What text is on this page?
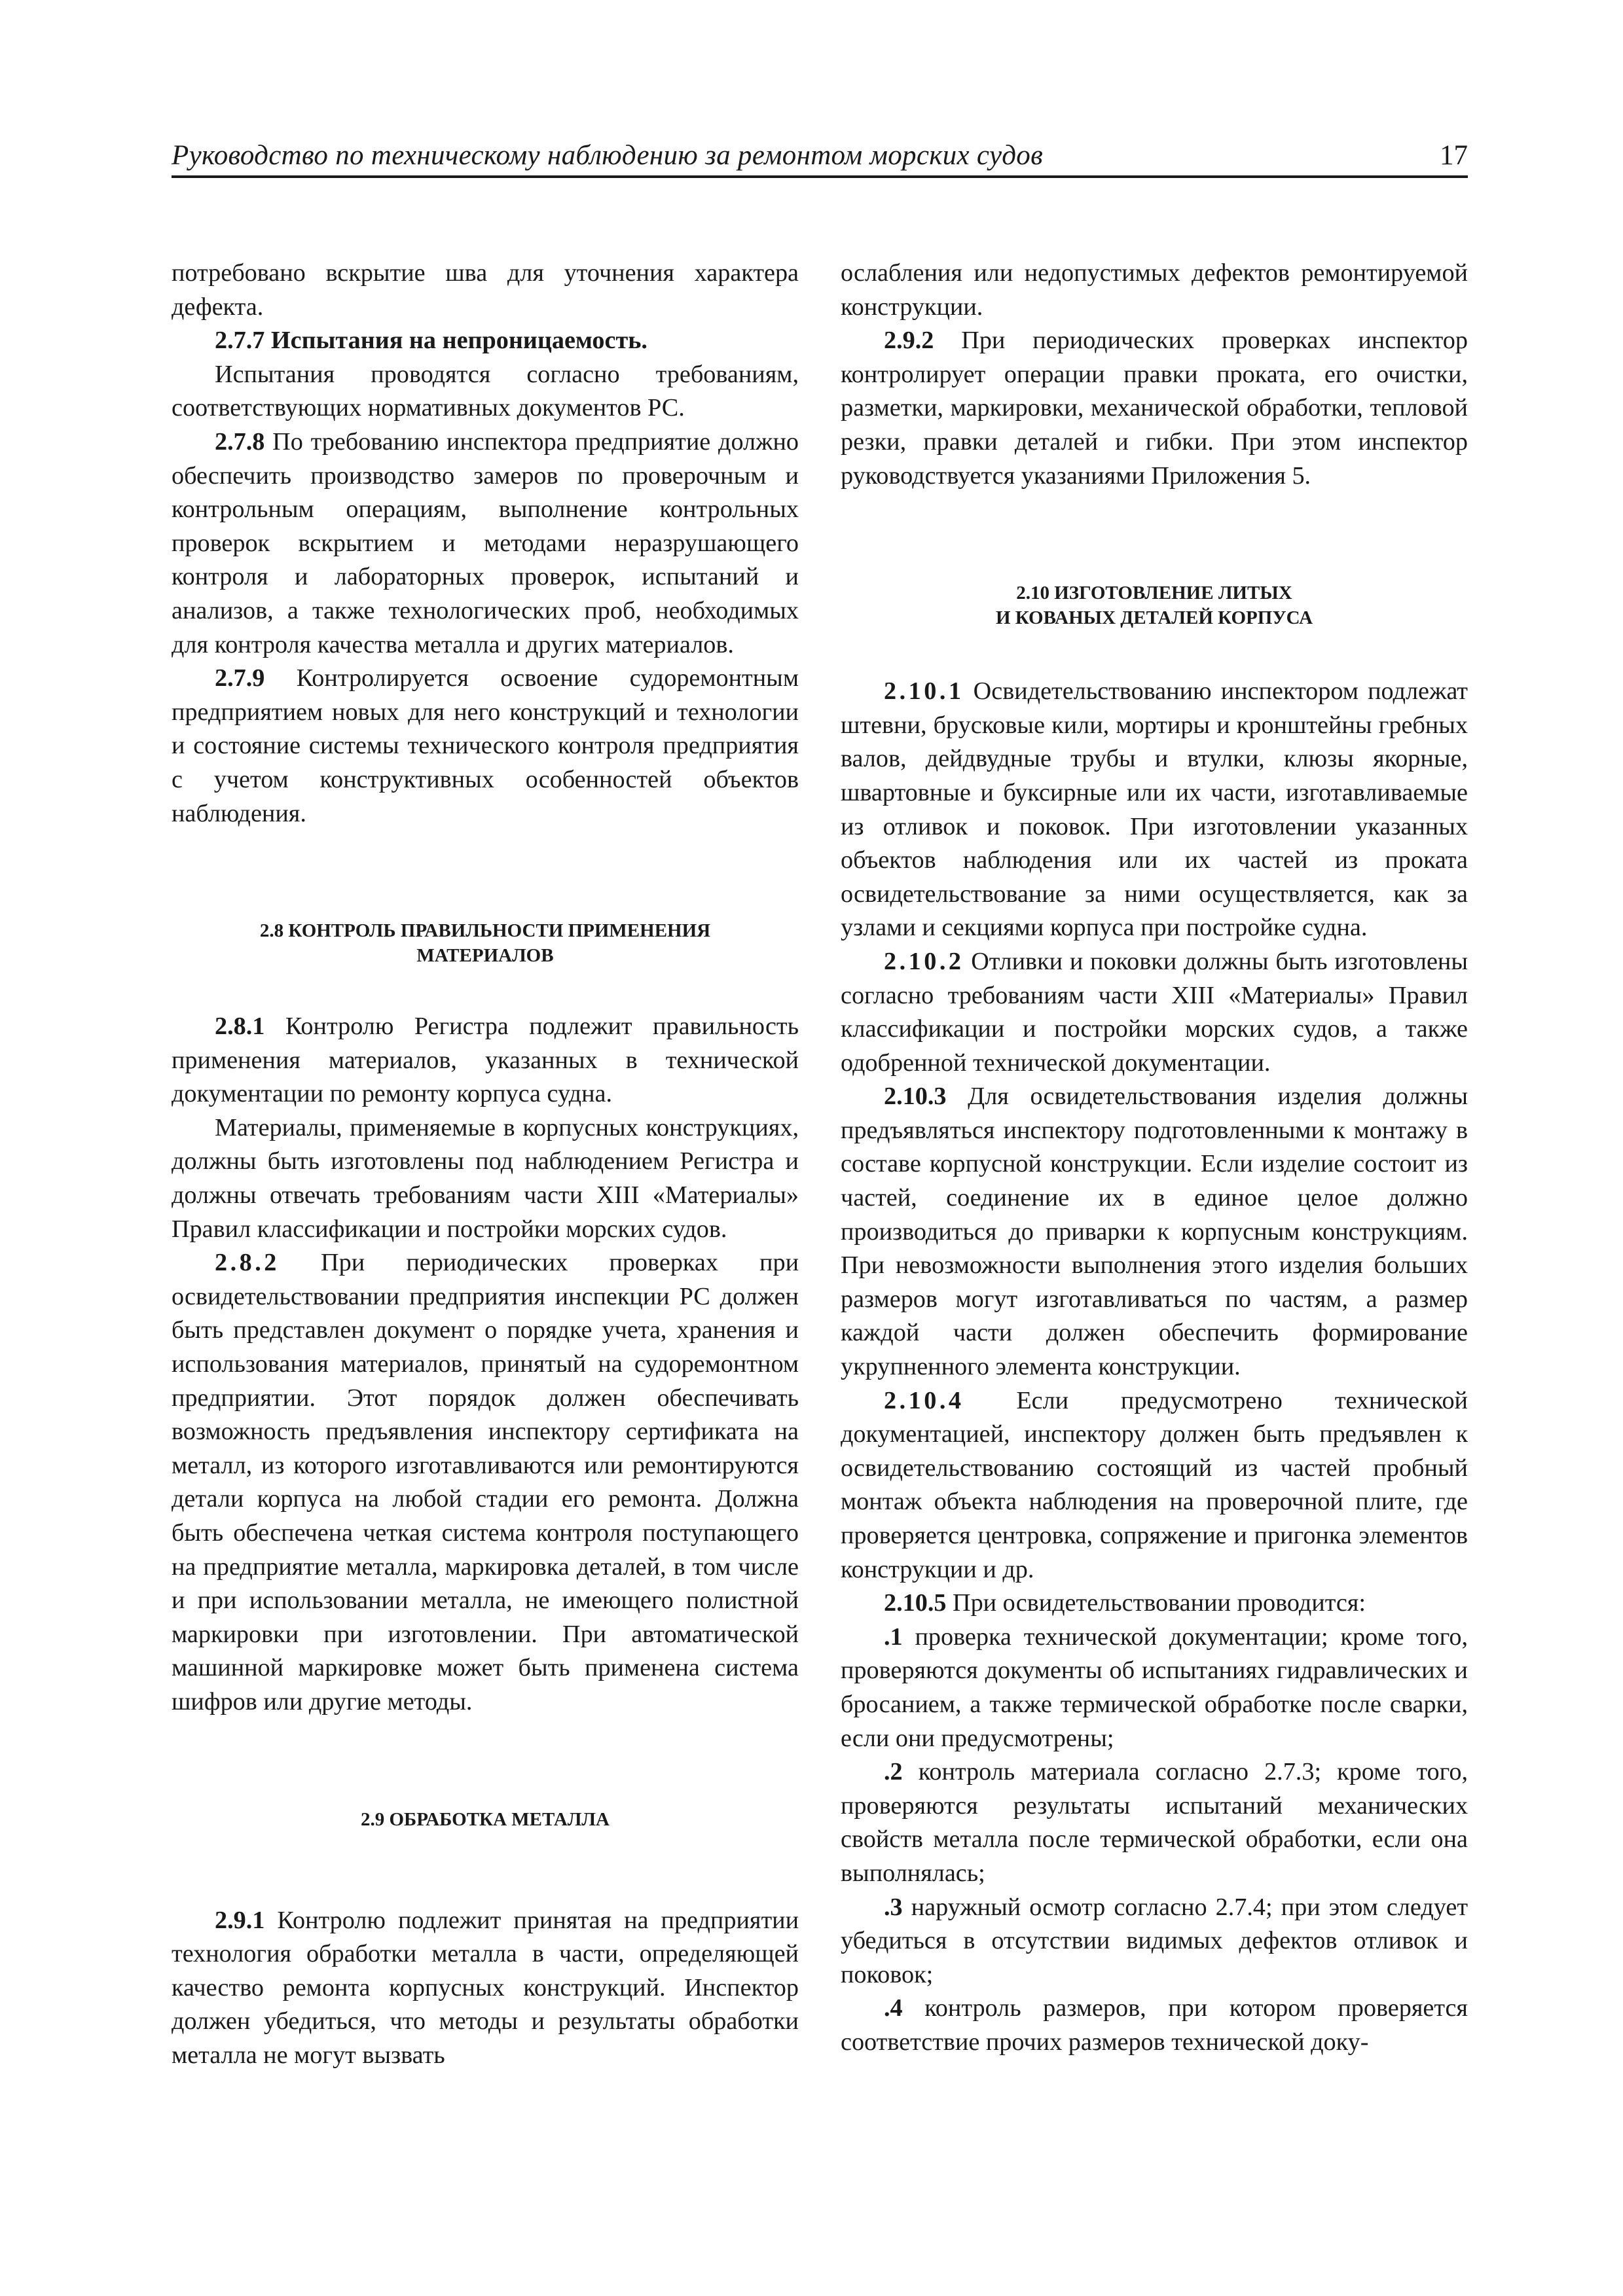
Руководство по техническому наблюдению за ремонтом морских судов	17

потребовано вскрытие шва для уточнения характера дефекта.

2.7.7 Испытания на непроницаемость.

Испытания проводятся согласно требованиям, соответствующих нормативных документов РС.

2.7.8 По требованию инспектора предприятие должно обеспечить производство замеров по проверочным и контрольным операциям, выполнение контрольных проверок вскрытием и методами неразрушающего контроля и лабораторных проверок, испытаний и анализов, а также технологических проб, необходимых для контроля качества металла и других материалов.

2.7.9 Контролируется освоение судоремонтным предприятием новых для него конструкций и технологии и состояние системы технического контроля предприятия с учетом конструктивных особенностей объектов наблюдения.

2.8 КОНТРОЛЬ ПРАВИЛЬНОСТИ ПРИМЕНЕНИЯ
МАТЕРИАЛОВ

2.8.1 Контролю Регистра подлежит правильность применения материалов, указанных в технической документации по ремонту корпуса судна.

Материалы, применяемые в корпусных конструкциях, должны быть изготовлены под наблюдением Регистра и должны отвечать требованиям части XIII «Материалы» Правил классификации и постройки морских судов.

2.8.2 При периодических проверках при освидетельствовании предприятия инспекции РС должен быть представлен документ о порядке учета, хранения и использования материалов, принятый на судоремонтном предприятии. Этот порядок должен обеспечивать возможность предъявления инспектору сертификата на металл, из которого изготавливаются или ремонтируются детали корпуса на любой стадии его ремонта. Должна быть обеспечена четкая система контроля поступающего на предприятие металла, маркировка деталей, в том числе и при использовании металла, не имеющего полистной маркировки при изготовлении. При автоматической машинной маркировке может быть применена система шифров или другие методы.

2.9 ОБРАБОТКА МЕТАЛЛА

2.9.1 Контролю подлежит принятая на предприятии технология обработки металла в части, определяющей качество ремонта корпусных конструкций. Инспектор должен убедиться, что методы и результаты обработки металла не могут вызвать

ослабления или недопустимых дефектов ремонтируемой конструкции.

2.9.2 При периодических проверках инспектор контролирует операции правки проката, его очистки, разметки, маркировки, механической обработки, тепловой резки, правки деталей и гибки. При этом инспектор руководствуется указаниями Приложения 5.

2.10 ИЗГОТОВЛЕНИЕ ЛИТЫХ
И КОВАНЫХ ДЕТАЛЕЙ КОРПУСА

2.10.1 Освидетельствованию инспектором подлежат штевни, брусковые кили, мортиры и кронштейны гребных валов, дейдвудные трубы и втулки, клюзы якорные, швартовные и буксирные или их части, изготавливаемые из отливок и поковок. При изготовлении указанных объектов наблюдения или их частей из проката освидетельствование за ними осуществляется, как за узлами и секциями корпуса при постройке судна.

2.10.2 Отливки и поковки должны быть изготовлены согласно требованиям части XIII «Материалы» Правил классификации и постройки морских судов, а также одобренной технической документации.

2.10.3 Для освидетельствования изделия должны предъявляться инспектору подготовленными к монтажу в составе корпусной конструкции. Если изделие состоит из частей, соединение их в единое целое должно производиться до приварки к корпусным конструкциям. При невозможности выполнения этого изделия больших размеров могут изготавливаться по частям, а размер каждой части должен обеспечить формирование укрупненного элемента конструкции.

2.10.4 Если предусмотрено технической документацией, инспектору должен быть предъявлен к освидетельствованию состоящий из частей пробный монтаж объекта наблюдения на проверочной плите, где проверяется центровка, сопряжение и пригонка элементов конструкции и др.

2.10.5 При освидетельствовании проводится:

.1 проверка технической документации; кроме того, проверяются документы об испытаниях гидравлических и бросанием, а также термической обработке после сварки, если они предусмотрены;

.2 контроль материала согласно 2.7.3; кроме того, проверяются результаты испытаний механических свойств металла после термической обработки, если она выполнялась;

.3 наружный осмотр согласно 2.7.4; при этом следует убедиться в отсутствии видимых дефектов отливок и поковок;

.4 контроль размеров, при котором проверяется соответствие прочих размеров технической доку-
